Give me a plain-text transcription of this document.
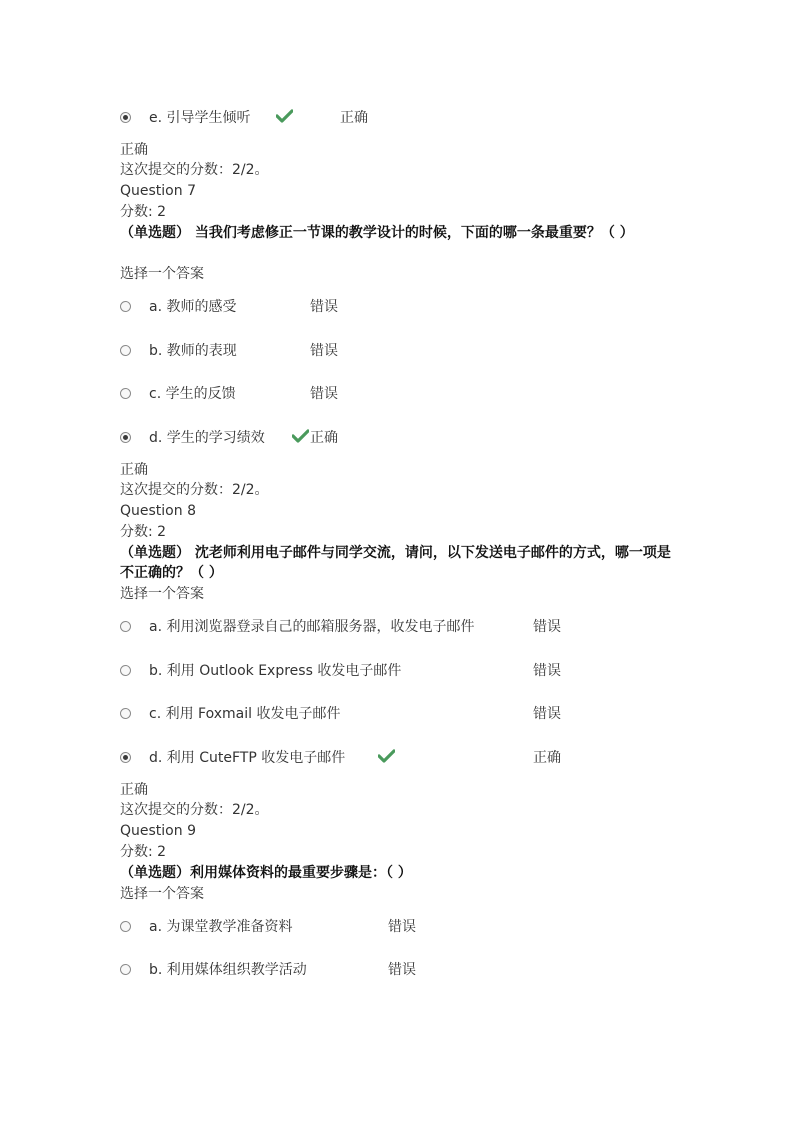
e. 引导学生倾听	正确
正确
这次提交的分数：2/2。
Question 7
分数: 2
（单选题） 当我们考虑修正一节课的教学设计的时候，下面的哪一条最重要？（ ）
选择一个答案
a. 教师的感受	错误
b. 教师的表现	错误
c. 学生的反馈	错误
d. 学生的学习绩效	正确
正确
这次提交的分数：2/2。
Question 8
分数: 2
（单选题） 沈老师利用电子邮件与同学交流，请问，以下发送电子邮件的方式，哪一项是不正确的？（ ）
选择一个答案
a. 利用浏览器登录自己的邮箱服务器，收发电子邮件	错误
b. 利用 Outlook Express 收发电子邮件	错误
c. 利用 Foxmail 收发电子邮件	错误
d. 利用 CuteFTP 收发电子邮件	正确
正确
这次提交的分数：2/2。
Question 9
分数: 2
（单选题）利用媒体资料的最重要步骤是：（ ）
选择一个答案
a. 为课堂教学准备资料	错误
b. 利用媒体组织教学活动	错误
